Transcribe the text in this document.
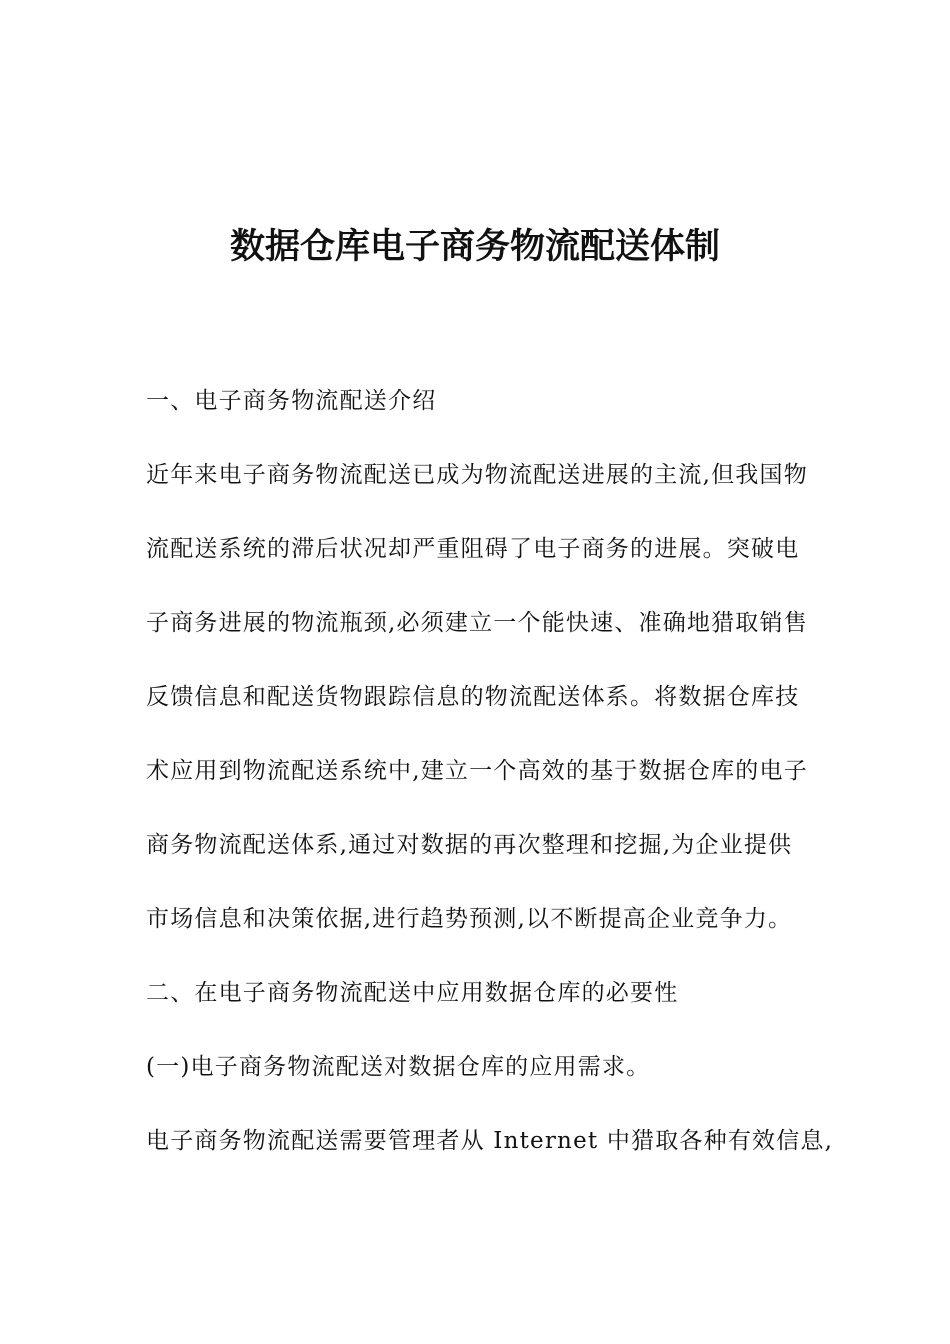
数据仓库电子商务物流配送体制
一、电子商务物流配送介绍
近年来电子商务物流配送已成为物流配送进展的主流,但我国物
流配送系统的滞后状况却严重阻碍了电子商务的进展。突破电
子商务进展的物流瓶颈,必须建立一个能快速、准确地猎取销售
反馈信息和配送货物跟踪信息的物流配送体系。将数据仓库技
术应用到物流配送系统中,建立一个高效的基于数据仓库的电子
商务物流配送体系,通过对数据的再次整理和挖掘,为企业提供
市场信息和决策依据,进行趋势预测,以不断提高企业竞争力。
二、在电子商务物流配送中应用数据仓库的必要性
(一)电子商务物流配送对数据仓库的应用需求。
电子商务物流配送需要管理者从 Internet 中猎取各种有效信息,
